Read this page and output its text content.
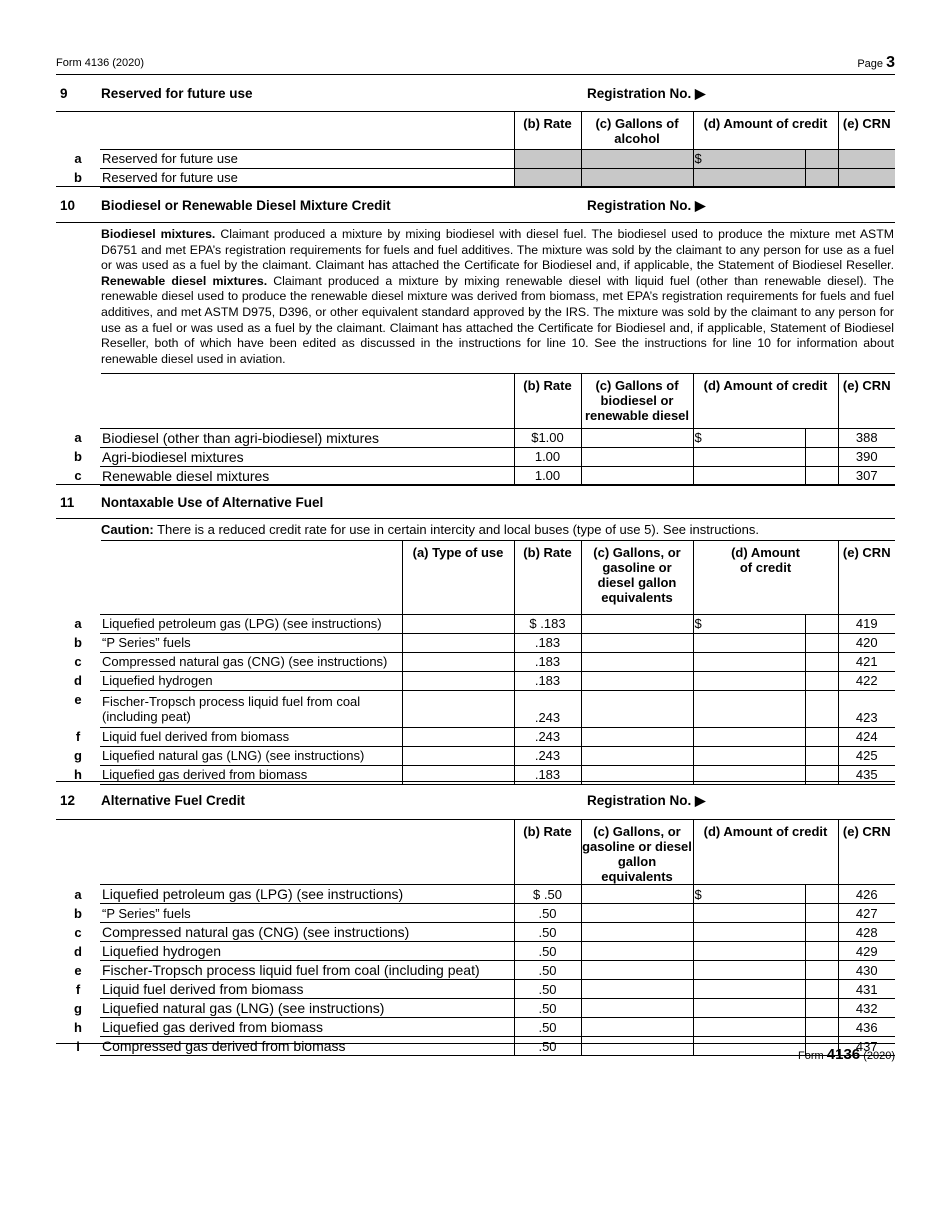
Form 4136 (2020)	Page 3
9	Reserved for future use	Registration No. ▶
		(b) Rate	(c) Gallons of alcohol	(d) Amount of credit		(e) CRN
a	Reserved for future use			$		
b	Reserved for future use					
10	Biodiesel or Renewable Diesel Mixture Credit	Registration No. ▶
Biodiesel mixtures. Claimant produced a mixture by mixing biodiesel with diesel fuel. The biodiesel used to produce the mixture met ASTM D6751 and met EPA’s registration requirements for fuels and fuel additives. The mixture was sold by the claimant to any person for use as a fuel or was used as a fuel by the claimant. Claimant has attached the Certificate for Biodiesel and, if applicable, the Statement of Biodiesel Reseller. Renewable diesel mixtures. Claimant produced a mixture by mixing renewable diesel with liquid fuel (other than renewable diesel). The renewable diesel used to produce the renewable diesel mixture was derived from biomass, met EPA’s registration requirements for fuels and fuel additives, and met ASTM D975, D396, or other equivalent standard approved by the IRS. The mixture was sold by the claimant to any person for use as a fuel or was used as a fuel by the claimant. Claimant has attached the Certificate for Biodiesel and, if applicable, Statement of Biodiesel Reseller, both of which have been edited as discussed in the instructions for line 10. See the instructions for line 10 for information about renewable diesel used in aviation.
		(b) Rate	(c) Gallons of biodiesel or renewable diesel	(d) Amount of credit		(e) CRN
a	Biodiesel (other than agri-biodiesel) mixtures	$1.00		$		388
b	Agri-biodiesel mixtures	1.00				390
c	Renewable diesel mixtures	1.00				307
11	Nontaxable Use of Alternative Fuel
Caution: There is a reduced credit rate for use in certain intercity and local buses (type of use 5). See instructions.
		(a) Type of use	(b) Rate	(c) Gallons, or gasoline or diesel gallon equivalents	(d) Amount of credit		(e) CRN
a	Liquefied petroleum gas (LPG) (see instructions)		$ .183		$		419
b	“P Series” fuels		.183				420
c	Compressed natural gas (CNG) (see instructions)		.183				421
d	Liquefied hydrogen		.183				422
e	Fischer-Tropsch process liquid fuel from coal (including peat)		.243				423
f	Liquid fuel derived from biomass		.243				424
g	Liquefied natural gas (LNG) (see instructions)		.243				425
h	Liquefied gas derived from biomass		.183				435
12	Alternative Fuel Credit	Registration No. ▶
		(b) Rate	(c) Gallons, or gasoline or diesel gallon equivalents	(d) Amount of credit		(e) CRN
a	Liquefied petroleum gas (LPG) (see instructions)	$ .50		$		426
b	“P Series” fuels	.50				427
c	Compressed natural gas (CNG) (see instructions)	.50				428
d	Liquefied hydrogen	.50				429
e	Fischer-Tropsch process liquid fuel from coal (including peat)	.50				430
f	Liquid fuel derived from biomass	.50				431
g	Liquefied natural gas (LNG) (see instructions)	.50				432
h	Liquefied gas derived from biomass	.50				436
i	Compressed gas derived from biomass	.50				437
Form 4136 (2020)
